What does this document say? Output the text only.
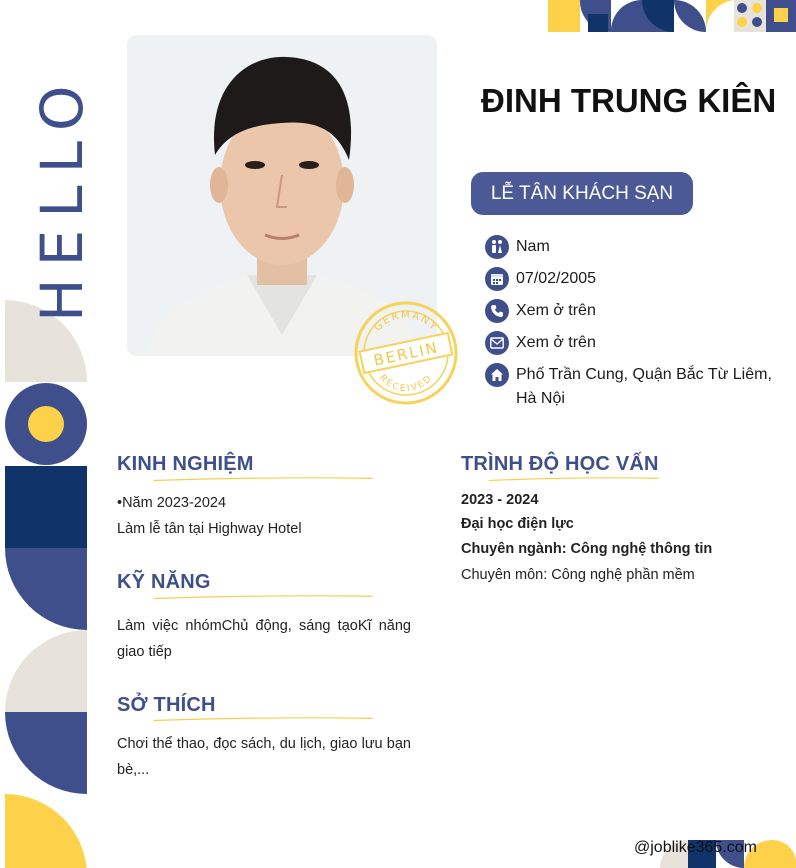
HELLO
GERMANY
BERLIN
RECEIVED
ĐINH TRUNG KIÊN
LỄ TÂN KHÁCH SẠN
Nam
07/02/2005
Xem ở trên
Xem ở trên
Phố Trần Cung, Quận Bắc Từ Liêm, Hà Nội
KINH NGHIỆM
•Năm 2023-2024
Làm lễ tân tại Highway Hotel
KỸ NĂNG
Làm việc nhómChủ động, sáng tạoKĩ năng giao tiếp
SỞ THÍCH
Chơi thể thao, đọc sách, du lịch, giao lưu bạn bè,...
TRÌNH ĐỘ HỌC VẤN
2023 - 2024
Đại học điện lực
Chuyên ngành: Công nghệ thông tin
Chuyên môn: Công nghệ phần mềm
@joblike365.com
